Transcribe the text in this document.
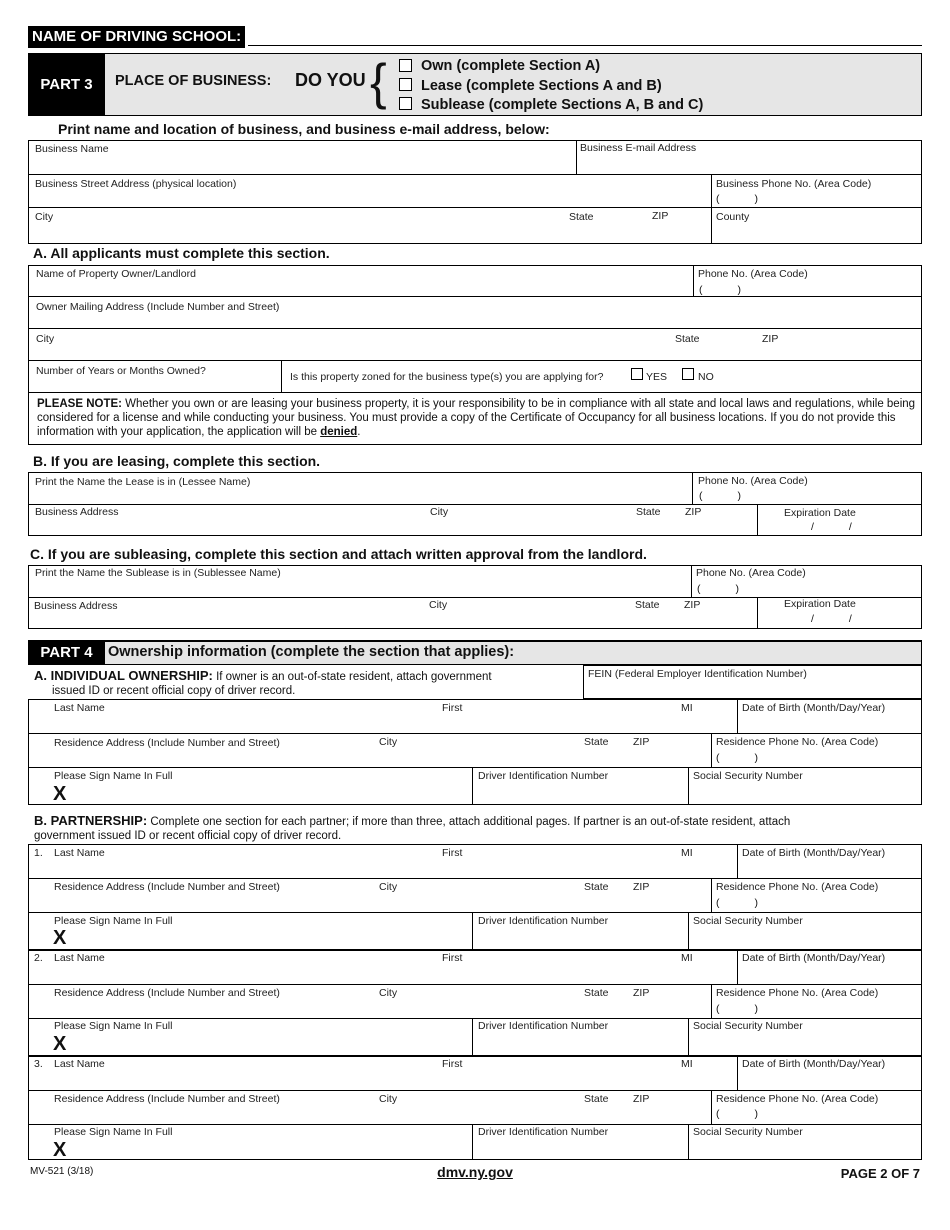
NAME OF DRIVING SCHOOL:
PART 3	PLACE OF BUSINESS: DO YOU { Own (complete Section A)
Lease (complete Sections A and B)
Sublease (complete Sections A, B and C)
Print name and location of business, and business e-mail address, below:
Business Name	Business E-mail Address
Business Street Address (physical location)	Business Phone No. (Area Code)
(            )
City	State	ZIP	County
A. All applicants must complete this section.
Name of Property Owner/Landlord	Phone No. (Area Code)
(            )
Owner Mailing Address (Include Number and Street)
City	State	ZIP
Number of Years or Months Owned?	Is this property zoned for the business type(s) you are applying for?	YES	NO
PLEASE NOTE: Whether you own or are leasing your business property, it is your responsibility to be in compliance with all state and local laws and regulations, while being considered for a license and while conducting your business. You must provide a copy of the Certificate of Occupancy for all business locations. If you do not provide this information with your application, the application will be denied.
B. If you are leasing, complete this section.
Print the Name the Lease is in (Lessee Name)	Phone No. (Area Code)
(            )
Business Address	City	State ZIP	Expiration Date
/            /
C. If you are subleasing, complete this section and attach written approval from the landlord.
Print the Name the Sublease is in (Sublessee Name)	Phone No. (Area Code)
(            )
Business Address	City	State ZIP	Expiration Date
/            /
PART 4	Ownership information (complete the section that applies):
A. INDIVIDUAL OWNERSHIP: If owner is an out-of-state resident, attach government
issued ID or recent official copy of driver record.
FEIN (Federal Employer Identification Number)
Last Name	First	MI	Date of Birth (Month/Day/Year)
Residence Address (Include Number and Street)	City	State ZIP	Residence Phone No. (Area Code)
(            )
Please Sign Name In Full
X
Driver Identification Number	Social Security Number
B. PARTNERSHIP: Complete one section for each partner; if more than three, attach additional pages. If partner is an out-of-state resident, attach
government issued ID or recent official copy of driver record.
1. Last Name	First	MI	Date of Birth (Month/Day/Year)
Residence Address (Include Number and Street)	City	State ZIP	Residence Phone No. (Area Code)
(            )
Please Sign Name In Full
X
Driver Identification Number	Social Security Number
2. Last Name	First	MI	Date of Birth (Month/Day/Year)
Residence Address (Include Number and Street)	City	State ZIP	Residence Phone No. (Area Code)
(            )
Please Sign Name In Full
X
Driver Identification Number	Social Security Number
3. Last Name	First	MI	Date of Birth (Month/Day/Year)
Residence Address (Include Number and Street)	City	State ZIP	Residence Phone No. (Area Code)
(            )
Please Sign Name In Full
X
Driver Identification Number	Social Security Number
MV-521 (3/18)	dmv.ny.gov	PAGE 2 OF 7
